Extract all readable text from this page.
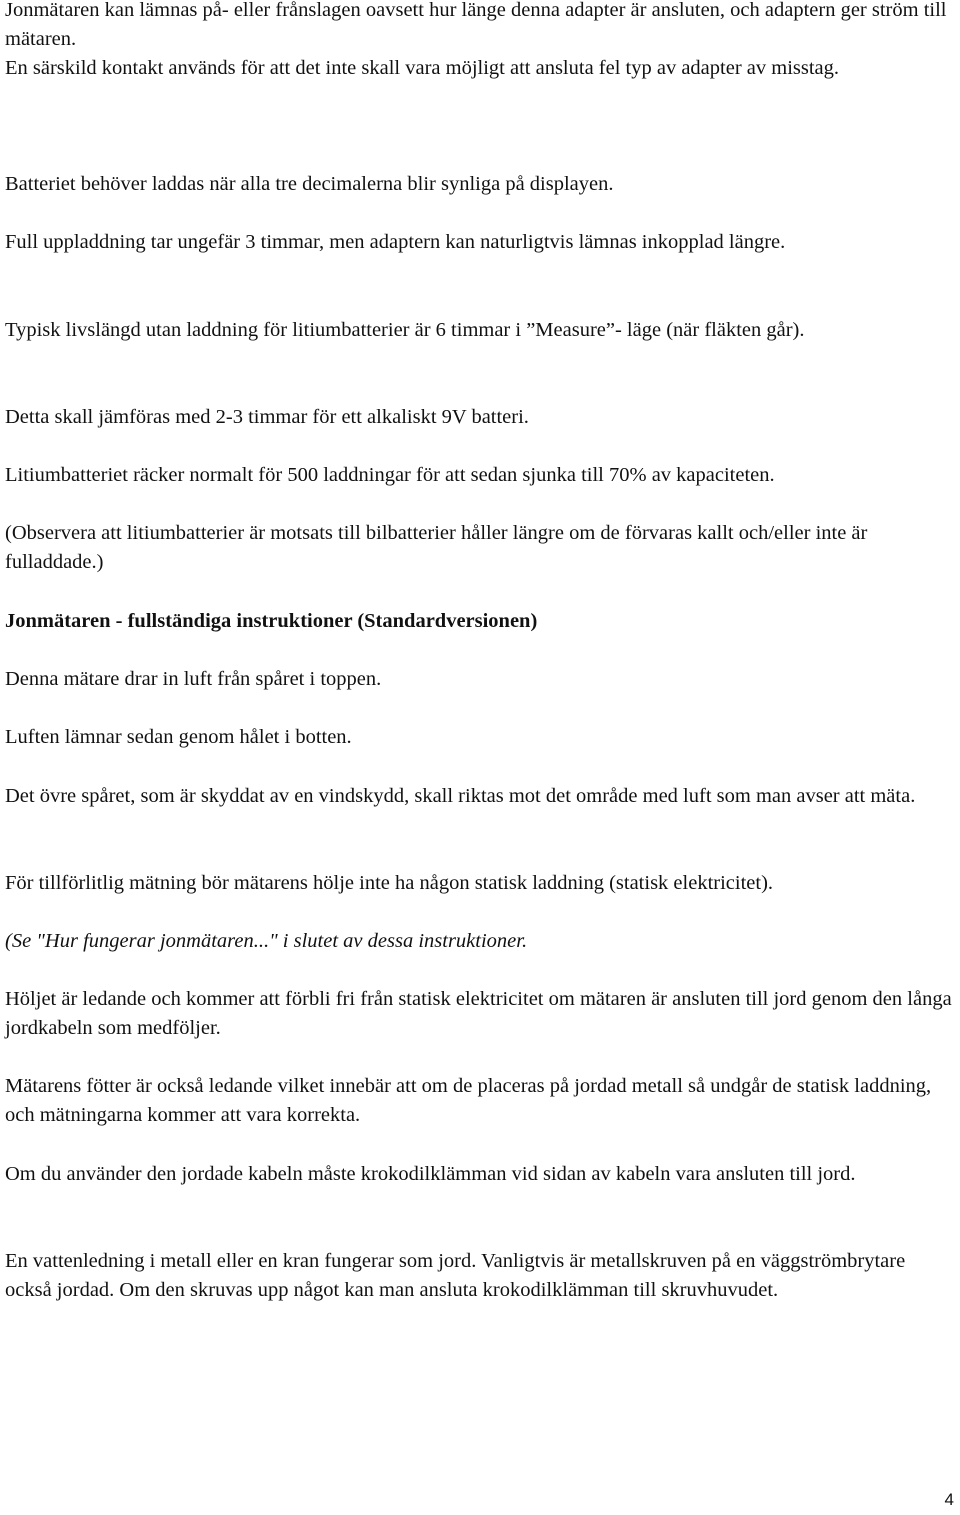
Jonmätaren kan lämnas på- eller frånslagen oavsett hur länge denna adapter är ansluten, och adaptern ger ström till mätaren.

En särskild kontakt används för att det inte skall vara möjligt att ansluta fel typ av adapter av misstag.

Batteriet behöver laddas när alla tre decimalerna blir synliga på displayen.

Full uppladdning tar ungefär 3 timmar, men adaptern kan naturligtvis lämnas inkopplad längre.

Typisk livslängd utan laddning för litiumbatterier är 6 timmar i ”Measure”- läge (när fläkten går).

Detta skall jämföras med 2-3 timmar för ett alkaliskt 9V batteri.

Litiumbatteriet räcker normalt för 500 laddningar för att sedan sjunka till 70% av kapaciteten.

(Observera att litiumbatterier är motsats till bilbatterier håller längre om de förvaras kallt och/eller inte är fulladdade.)

Jonmätaren - fullständiga instruktioner (Standardversionen)

Denna mätare drar in luft från spåret i toppen.

Luften lämnar sedan genom hålet i botten.

Det övre spåret, som är skyddat av en vindskydd, skall riktas mot det område med luft som man avser att mäta.

För tillförlitlig mätning bör mätarens hölje inte ha någon statisk laddning (statisk elektricitet).

(Se "Hur fungerar jonmätaren..." i slutet av dessa instruktioner.

Höljet är ledande och kommer att förbli fri från statisk elektricitet om mätaren är ansluten till jord genom den långa jordkabeln som medföljer.

Mätarens fötter är också ledande vilket innebär att om de placeras på jordad metall så undgår de statisk laddning, och mätningarna kommer att vara korrekta.

Om du använder den jordade kabeln måste krokodilklämman vid sidan av kabeln vara ansluten till jord.

En vattenledning i metall eller en kran fungerar som jord. Vanligtvis är metallskruven på en väggströmbrytare också jordad. Om den skruvas upp något kan man ansluta krokodilklämman till skruvhuvudet.

4
